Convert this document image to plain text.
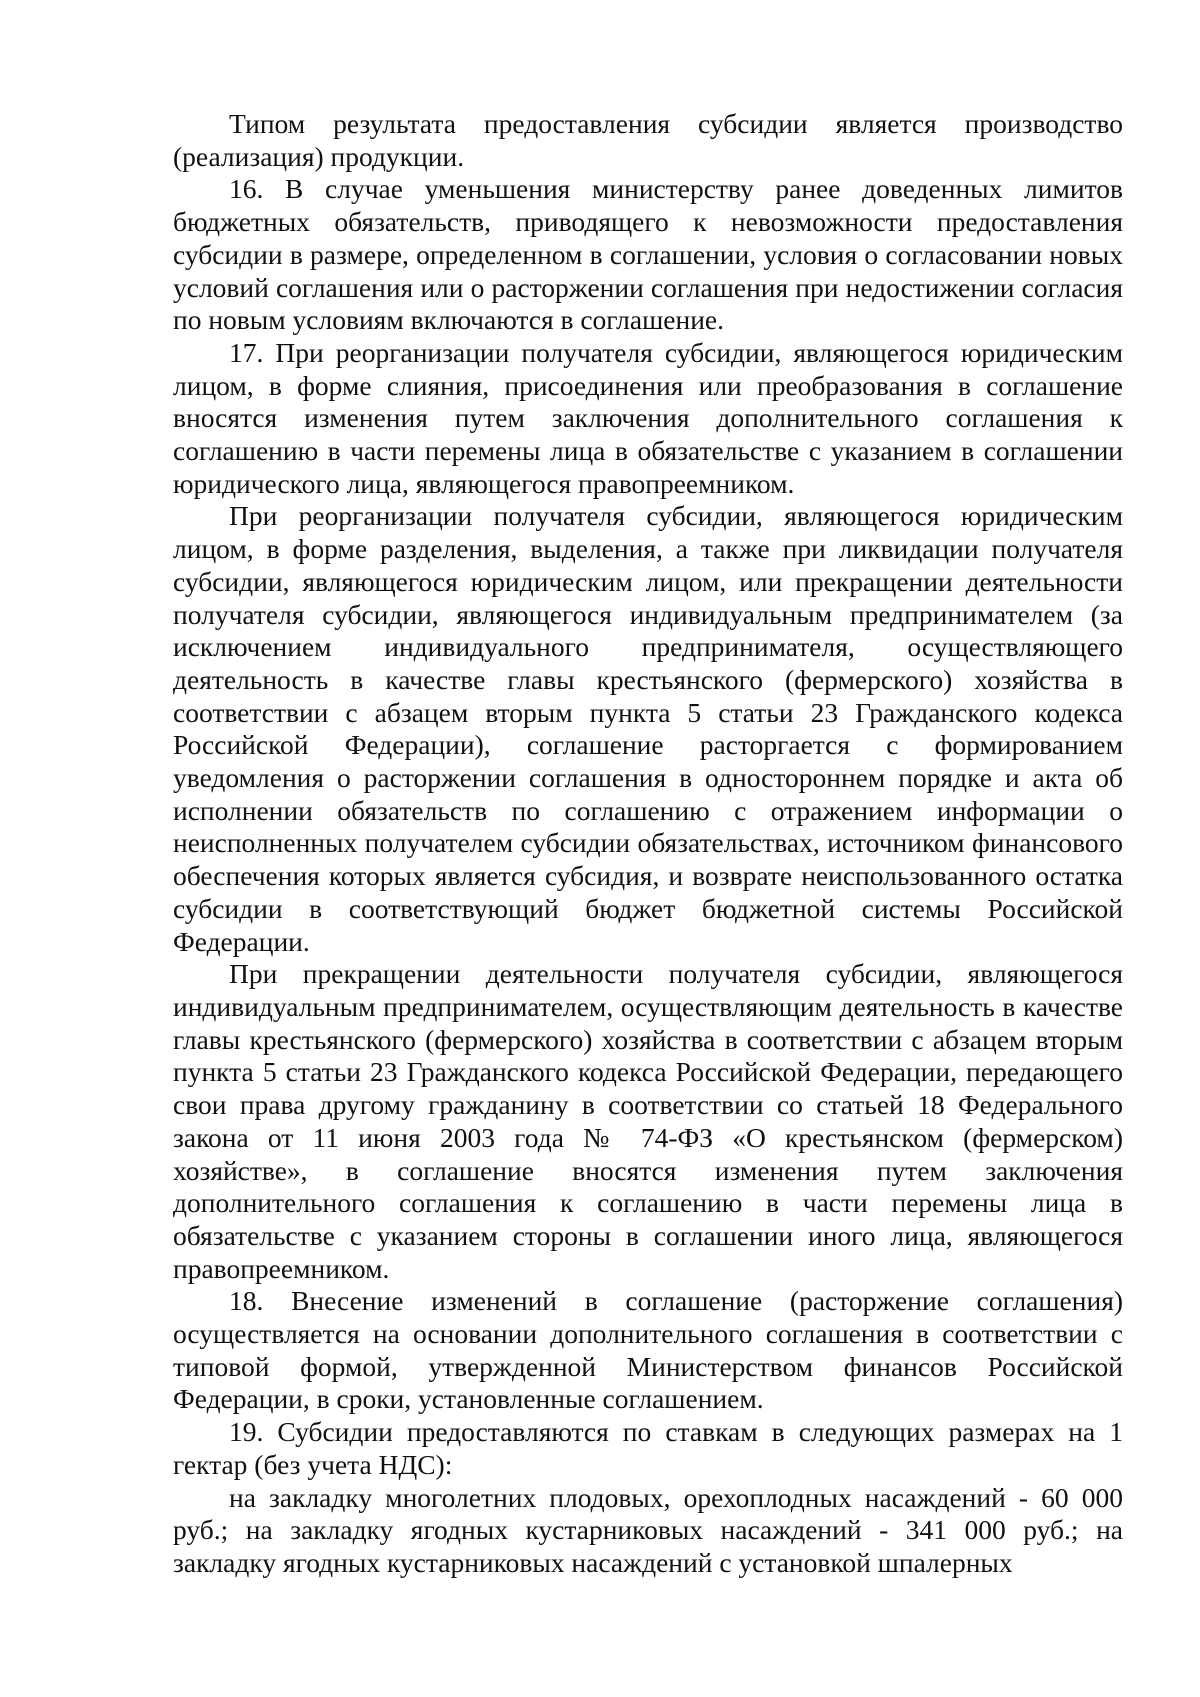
Типом результата предоставления субсидии является производство (реализация) продукции.

16. В случае уменьшения министерству ранее доведенных лимитов бюджетных обязательств, приводящего к невозможности предоставления субсидии в размере, определенном в соглашении, условия о согласовании новых условий соглашения или о расторжении соглашения при недостижении согласия по новым условиям включаются в соглашение.

17. При реорганизации получателя субсидии, являющегося юридическим лицом, в форме слияния, присоединения или преобразования в соглашение вносятся изменения путем заключения дополнительного соглашения к соглашению в части перемены лица в обязательстве с указанием в соглашении юридического лица, являющегося правопреемником.

При реорганизации получателя субсидии, являющегося юридическим лицом, в форме разделения, выделения, а также при ликвидации получателя субсидии, являющегося юридическим лицом, или прекращении деятельности получателя субсидии, являющегося индивидуальным предпринимателем (за исключением индивидуального предпринимателя, осуществляющего деятельность в качестве главы крестьянского (фермерского) хозяйства в соответствии с абзацем вторым пункта 5 статьи 23 Гражданского кодекса Российской Федерации), соглашение расторгается с формированием уведомления о расторжении соглашения в одностороннем порядке и акта об исполнении обязательств по соглашению с отражением информации о неисполненных получателем субсидии обязательствах, источником финансового обеспечения которых является субсидия, и возврате неиспользованного остатка субсидии в соответствующий бюджет бюджетной системы Российской Федерации.

При прекращении деятельности получателя субсидии, являющегося индивидуальным предпринимателем, осуществляющим деятельность в качестве главы крестьянского (фермерского) хозяйства в соответствии с абзацем вторым пункта 5 статьи 23 Гражданского кодекса Российской Федерации, передающего свои права другому гражданину в соответствии со статьей 18 Федерального закона от 11 июня 2003 года № 74-ФЗ «О крестьянском (фермерском) хозяйстве», в соглашение вносятся изменения путем заключения дополнительного соглашения к соглашению в части перемены лица в обязательстве с указанием стороны в соглашении иного лица, являющегося правопреемником.

18. Внесение изменений в соглашение (расторжение соглашения) осуществляется на основании дополнительного соглашения в соответствии с типовой формой, утвержденной Министерством финансов Российской Федерации, в сроки, установленные соглашением.

19. Субсидии предоставляются по ставкам в следующих размерах на 1 гектар (без учета НДС):

на закладку многолетних плодовых, орехоплодных насаждений - 60 000 руб.; на закладку ягодных кустарниковых насаждений - 341 000 руб.; на закладку ягодных кустарниковых насаждений с установкой шпалерных
